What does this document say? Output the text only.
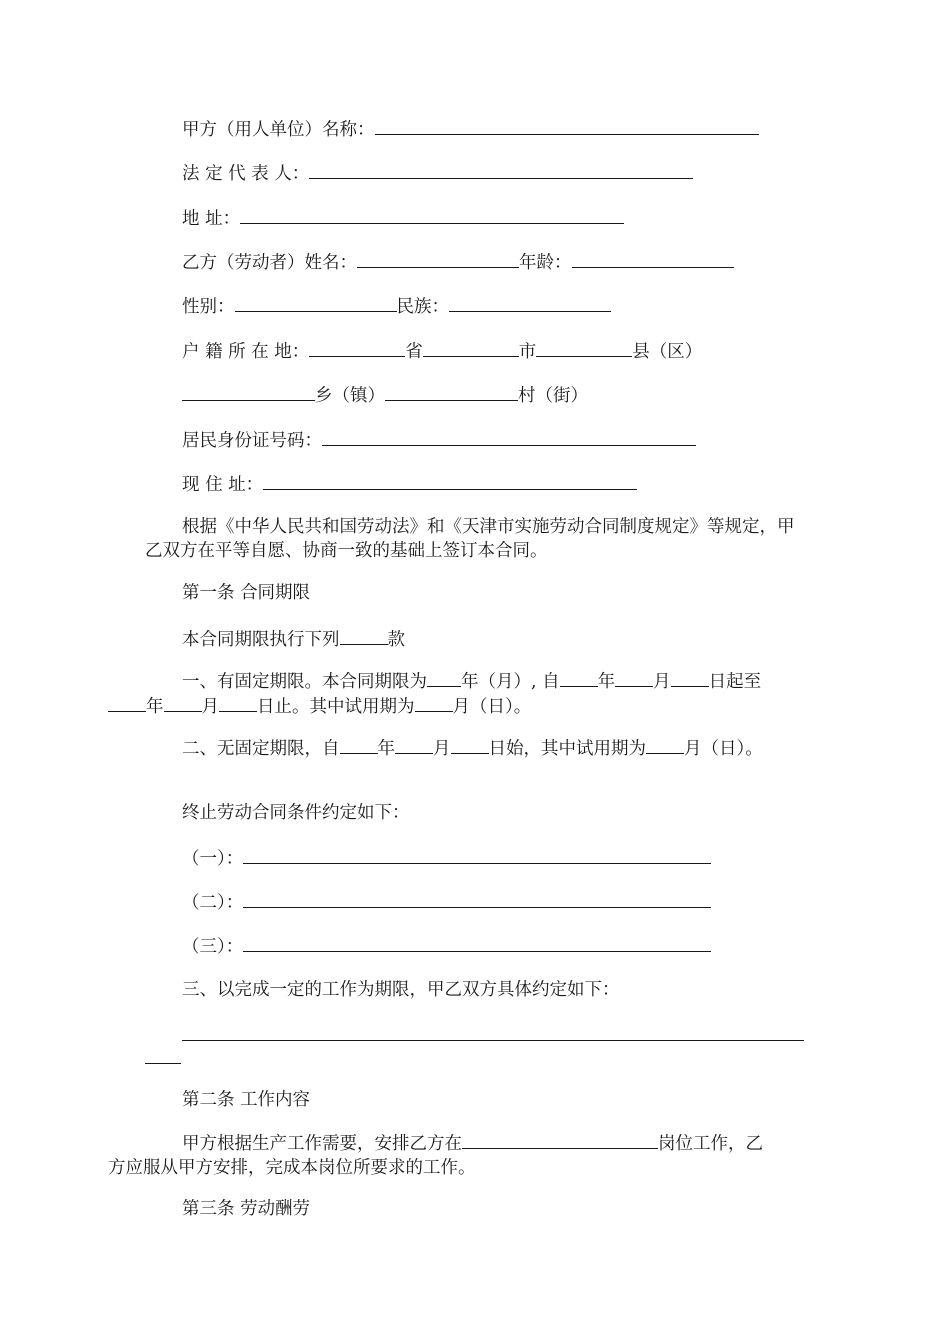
甲方（用人单位）名称：

法 定 代 表 人：

地 址：

乙方（劳动者）姓名：	年龄：

性别：	民族：

户 籍 所 在 地：	省	市	县（区）

乡（镇）	村（街）

居民身份证号码：

现 住 址：

根据《中华人民共和国劳动法》和《天津市实施劳动合同制度规定》等规定，甲乙双方在平等自愿、协商一致的基础上签订本合同。

第一条 合同期限

本合同期限执行下列	款

一、有固定期限。本合同期限为 年（月）, 自 年 月 日起至
年 月 日止。其中试用期为 月（日）。

二、无固定期限，自 年 月 日始，其中试用期为 月（日）。

终止劳动合同条件约定如下：

（一）：

（二）：

（三）：

三、以完成一定的工作为期限，甲乙双方具体约定如下：

第二条 工作内容

甲方根据生产工作需要，安排乙方在	岗位工作，乙
方应服从甲方安排，完成本岗位所要求的工作。

第三条 劳动酬劳
